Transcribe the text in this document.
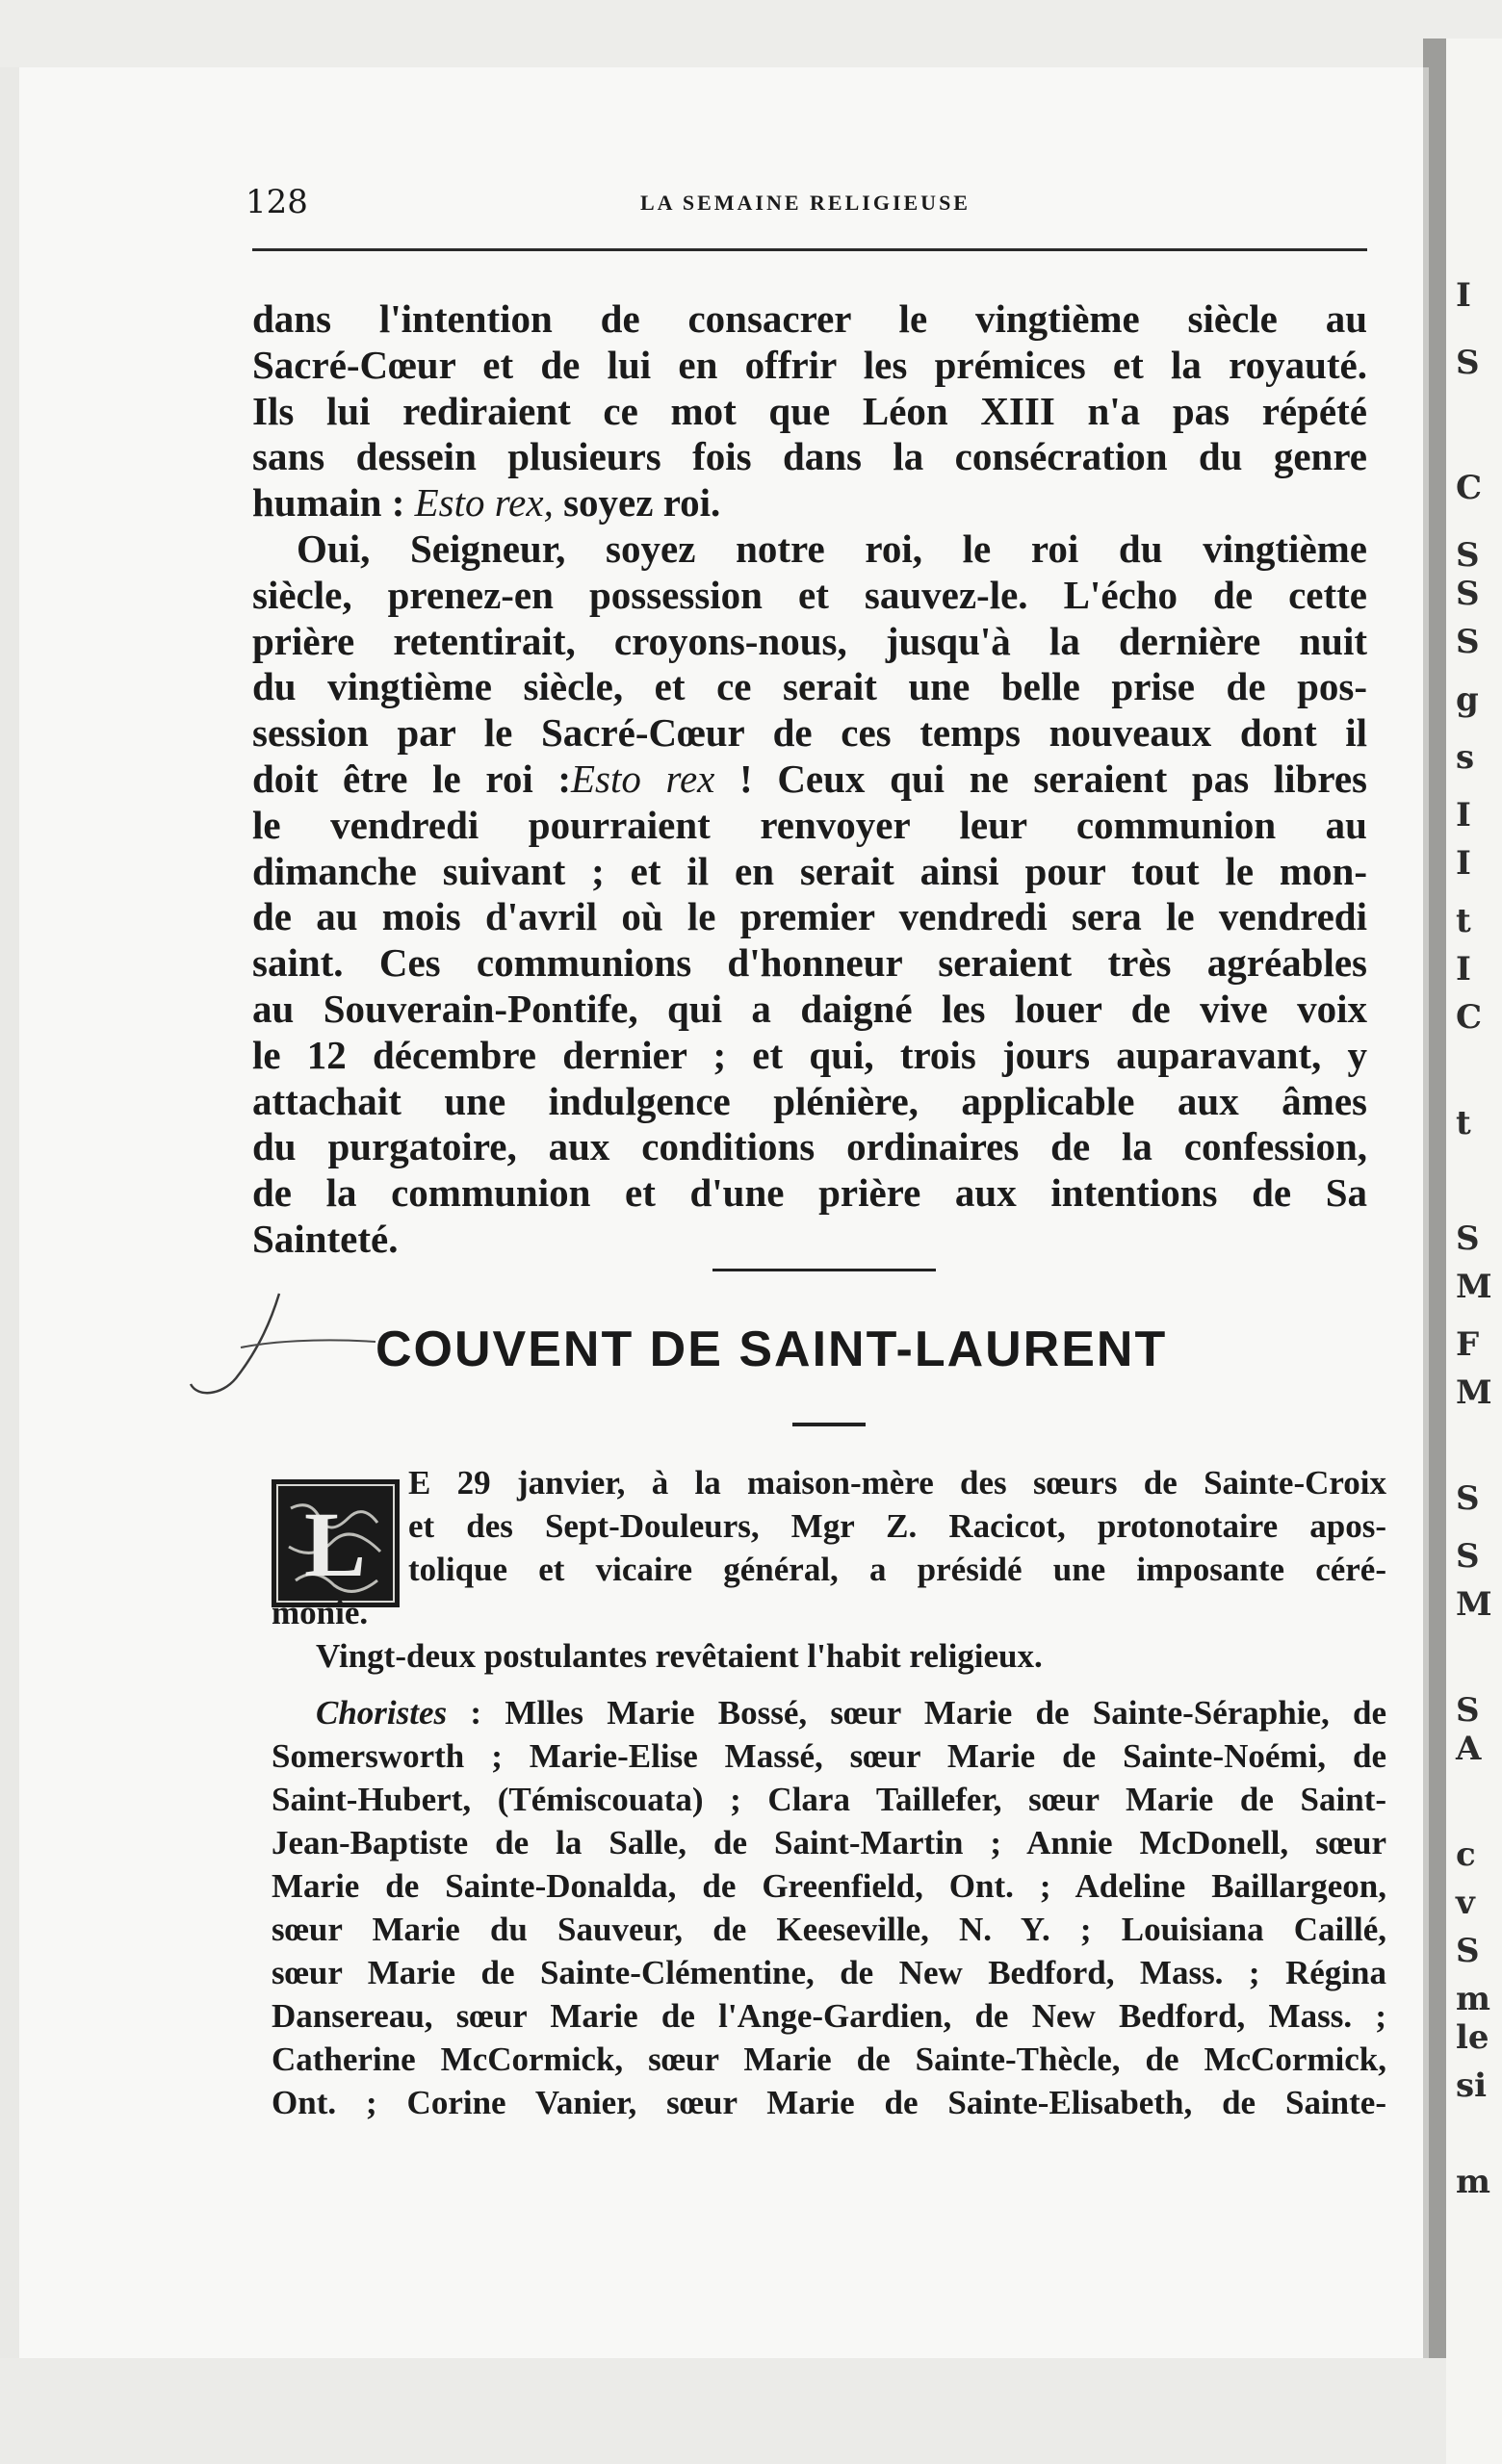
I
S
C
S
S
S
g
s
I
I
t
I
C
t
S
M
F
M
S
S
M
S
A
c
v
S
m
le
si
m
128	LA SEMAINE RELIGIEUSE
dans l'intention de consacrer le vingtième siècle au
Sacré-Cœur et de lui en offrir les prémices et la royauté.
Ils lui rediraient ce mot que Léon XIII n'a pas répété
sans dessein plusieurs fois dans la consécration du genre
humain : Esto rex, soyez roi.
Oui, Seigneur, soyez notre roi, le roi du vingtième
siècle, prenez-en possession et sauvez-le. L'écho de cette
prière retentirait, croyons-nous, jusqu'à la dernière nuit
du vingtième siècle, et ce serait une belle prise de pos-
session par le Sacré-Cœur de ces temps nouveaux dont il
doit être le roi :Esto rex ! Ceux qui ne seraient pas libres
le vendredi pourraient renvoyer leur communion au
dimanche suivant ; et il en serait ainsi pour tout le mon-
de au mois d'avril où le premier vendredi sera le vendredi
saint. Ces communions d'honneur seraient très agréables
au Souverain-Pontife, qui a daigné les louer de vive voix
le 12 décembre dernier ; et qui, trois jours auparavant, y
attachait une indulgence plénière, applicable aux âmes
du purgatoire, aux conditions ordinaires de la confession,
de la communion et d'une prière aux intentions de Sa
Sainteté.
COUVENT DE SAINT-LAURENT
L
E 29 janvier, à la maison-mère des sœurs de Sainte-Croix
et des Sept-Douleurs, Mgr Z. Racicot, protonotaire apos-
tolique et vicaire général, a présidé une imposante céré-
monie.
Vingt-deux postulantes revêtaient l'habit religieux.
Choristes : Mlles Marie Bossé, sœur Marie de Sainte-Séraphie, de
Somersworth ; Marie-Elise Massé, sœur Marie de Sainte-Noémi, de
Saint-Hubert, (Témiscouata) ; Clara Taillefer, sœur Marie de Saint-
Jean-Baptiste de la Salle, de Saint-Martin ; Annie McDonell, sœur
Marie de Sainte-Donalda, de Greenfield, Ont. ; Adeline Baillargeon,
sœur Marie du Sauveur, de Keeseville, N. Y. ; Louisiana Caillé,
sœur Marie de Sainte-Clémentine, de New Bedford, Mass. ; Régina
Dansereau, sœur Marie de l'Ange-Gardien, de New Bedford, Mass. ;
Catherine McCormick, sœur Marie de Sainte-Thècle, de McCormick,
Ont. ; Corine Vanier, sœur Marie de Sainte-Elisabeth, de Sainte-
